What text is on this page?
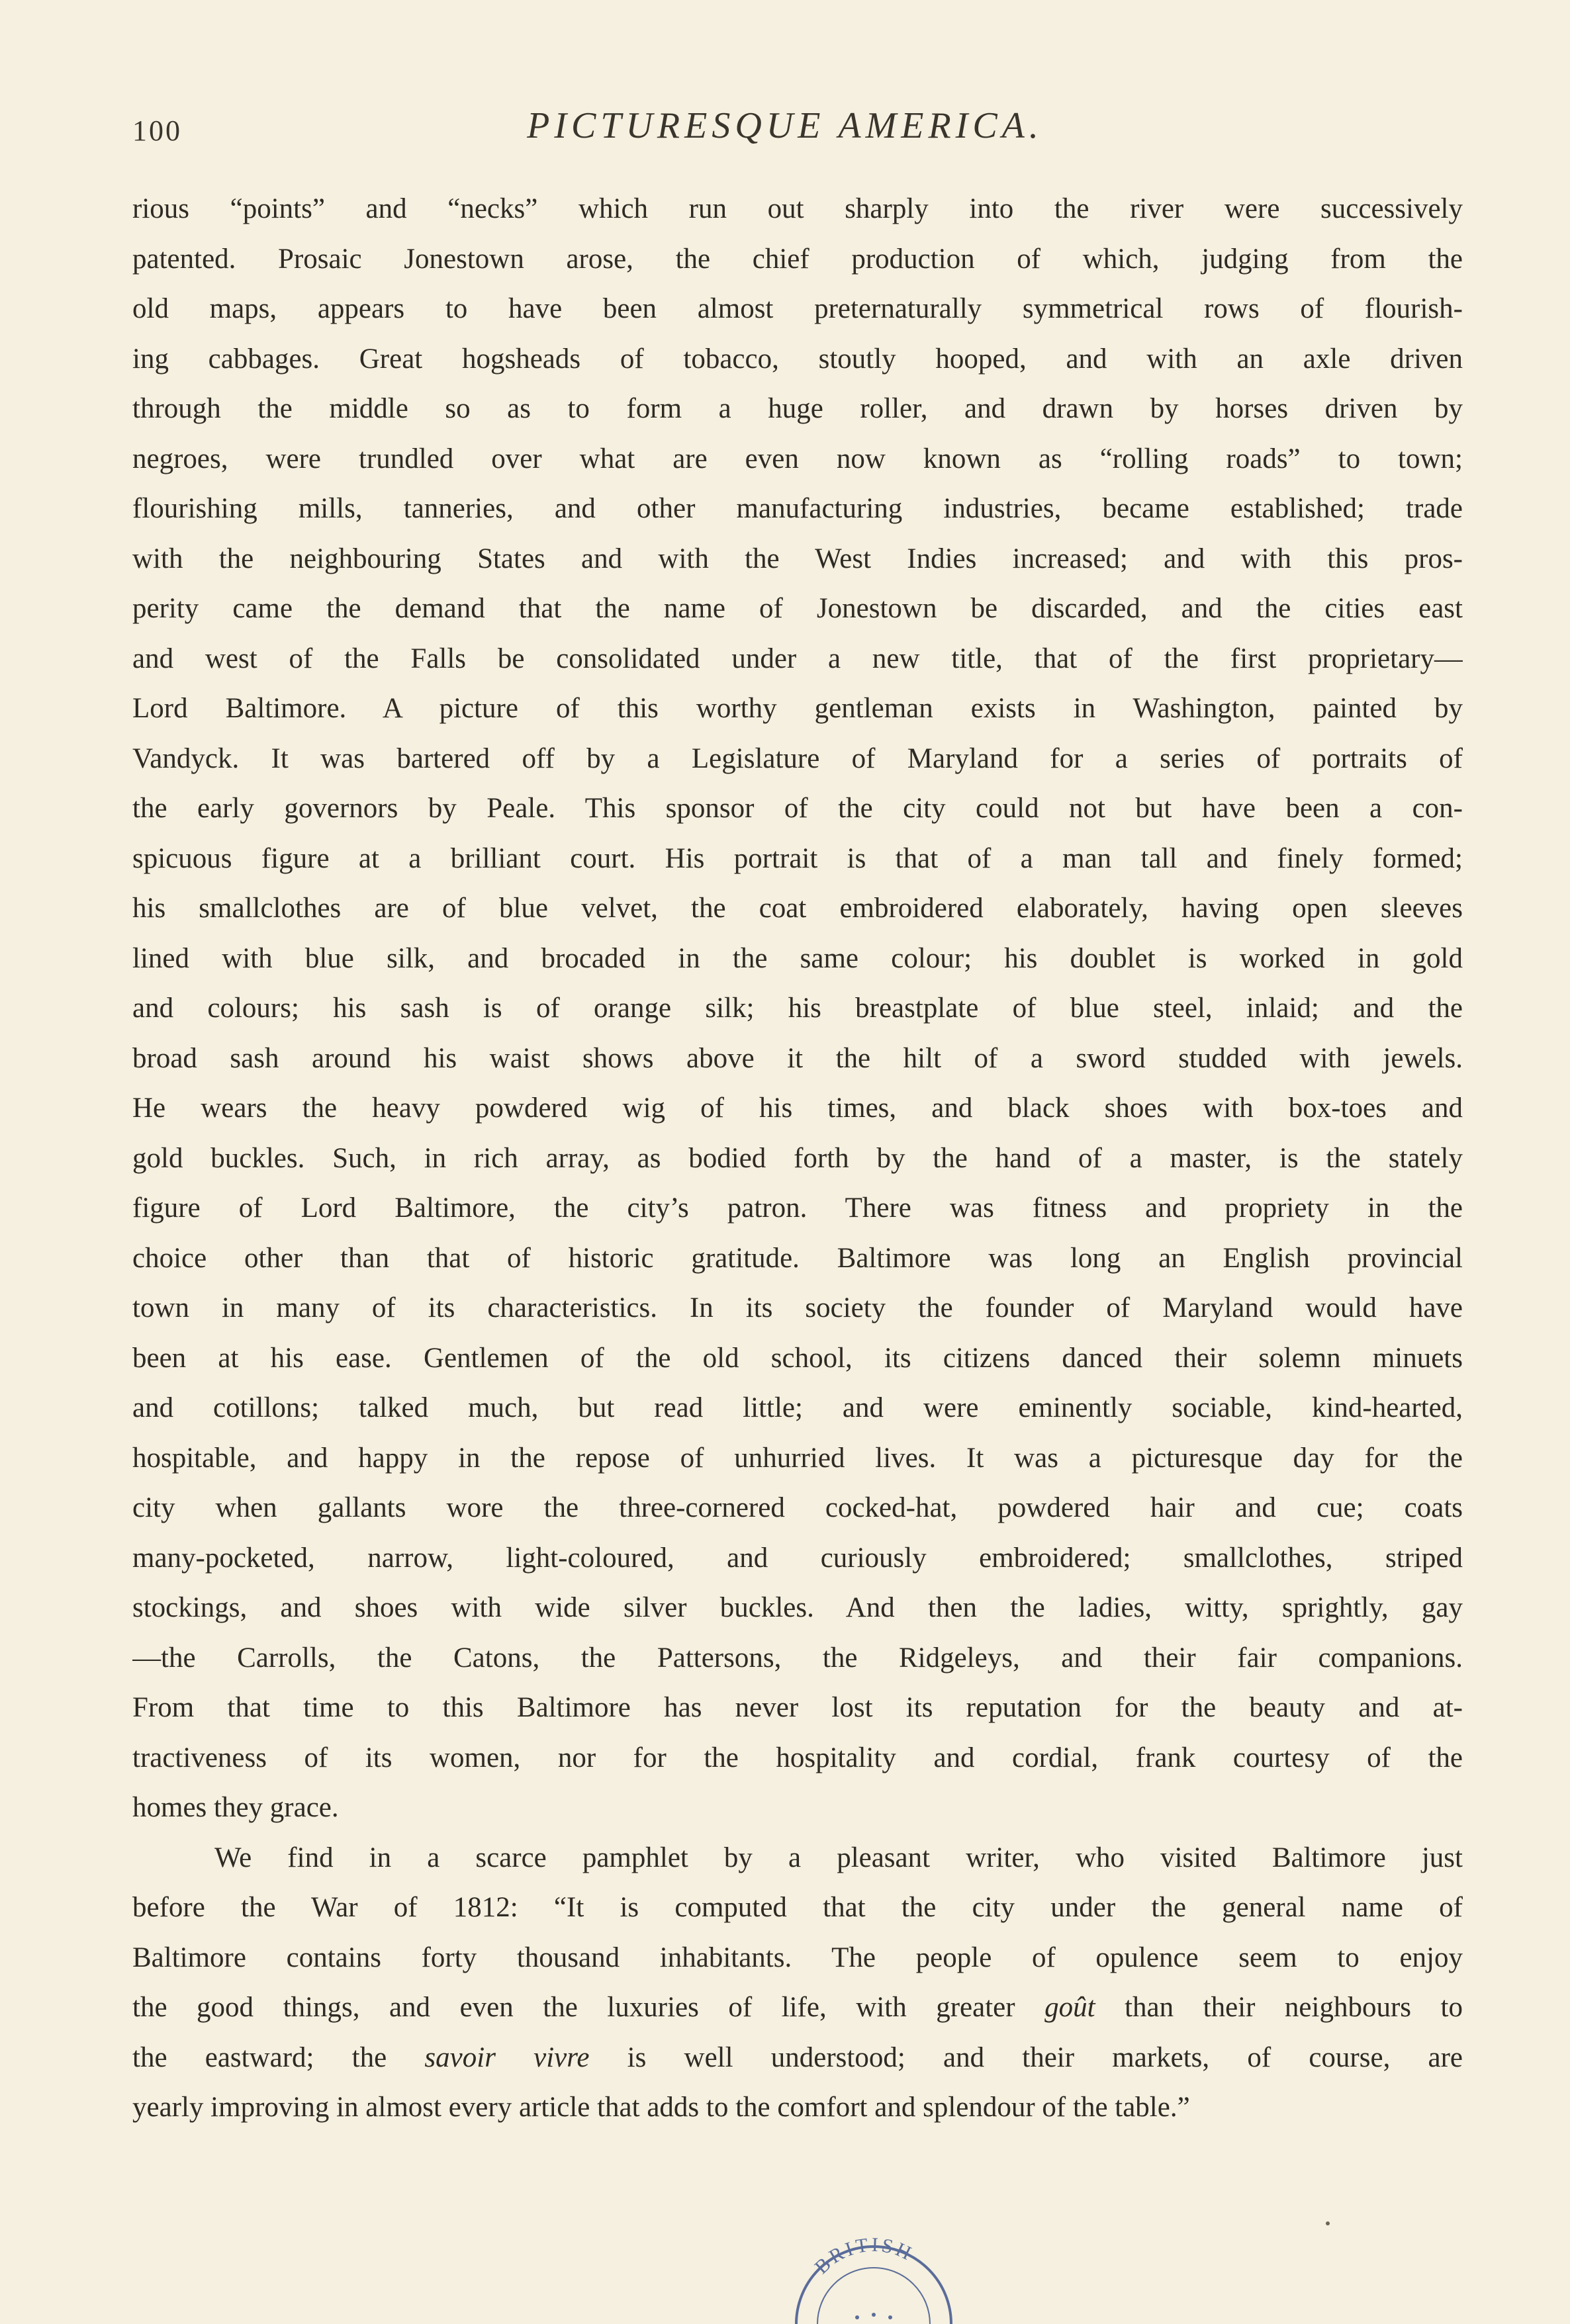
100	PICTURESQUE AMERICA.
rious “points” and “necks” which run out sharply into the river were successively
patented. Prosaic Jonestown arose, the chief production of which, judging from the
old maps, appears to have been almost preternaturally symmetrical rows of flourish-
ing cabbages. Great hogsheads of tobacco, stoutly hooped, and with an axle driven
through the middle so as to form a huge roller, and drawn by horses driven by
negroes, were trundled over what are even now known as “rolling roads” to town;
flourishing mills, tanneries, and other manufacturing industries, became established; trade
with the neighbouring States and with the West Indies increased; and with this pros-
perity came the demand that the name of Jonestown be discarded, and the cities east
and west of the Falls be consolidated under a new title, that of the first proprietary—
Lord Baltimore. A picture of this worthy gentleman exists in Washington, painted by
Vandyck. It was bartered off by a Legislature of Maryland for a series of portraits of
the early governors by Peale. This sponsor of the city could not but have been a con-
spicuous figure at a brilliant court. His portrait is that of a man tall and finely formed;
his smallclothes are of blue velvet, the coat embroidered elaborately, having open sleeves
lined with blue silk, and brocaded in the same colour; his doublet is worked in gold
and colours; his sash is of orange silk; his breastplate of blue steel, inlaid; and the
broad sash around his waist shows above it the hilt of a sword studded with jewels.
He wears the heavy powdered wig of his times, and black shoes with box-toes and
gold buckles. Such, in rich array, as bodied forth by the hand of a master, is the stately
figure of Lord Baltimore, the city’s patron. There was fitness and propriety in the
choice other than that of historic gratitude. Baltimore was long an English provincial
town in many of its characteristics. In its society the founder of Maryland would have
been at his ease. Gentlemen of the old school, its citizens danced their solemn minuets
and cotillons; talked much, but read little; and were eminently sociable, kind-hearted,
hospitable, and happy in the repose of unhurried lives. It was a picturesque day for the
city when gallants wore the three-cornered cocked-hat, powdered hair and cue; coats
many-pocketed, narrow, light-coloured, and curiously embroidered; smallclothes, striped
stockings, and shoes with wide silver buckles. And then the ladies, witty, sprightly, gay
—the Carrolls, the Catons, the Pattersons, the Ridgeleys, and their fair companions.
From that time to this Baltimore has never lost its reputation for the beauty and at-
tractiveness of its women, nor for the hospitality and cordial, frank courtesy of the
homes they grace.
We find in a scarce pamphlet by a pleasant writer, who visited Baltimore just
before the War of 1812: “It is computed that the city under the general name of
Baltimore contains forty thousand inhabitants. The people of opulence seem to enjoy
the good things, and even the luxuries of life, with greater goût than their neighbours to
the eastward; the savoir vivre is well understood; and their markets, of course, are
yearly improving in almost every article that adds to the comfort and splendour of the table.”
BRITISH
